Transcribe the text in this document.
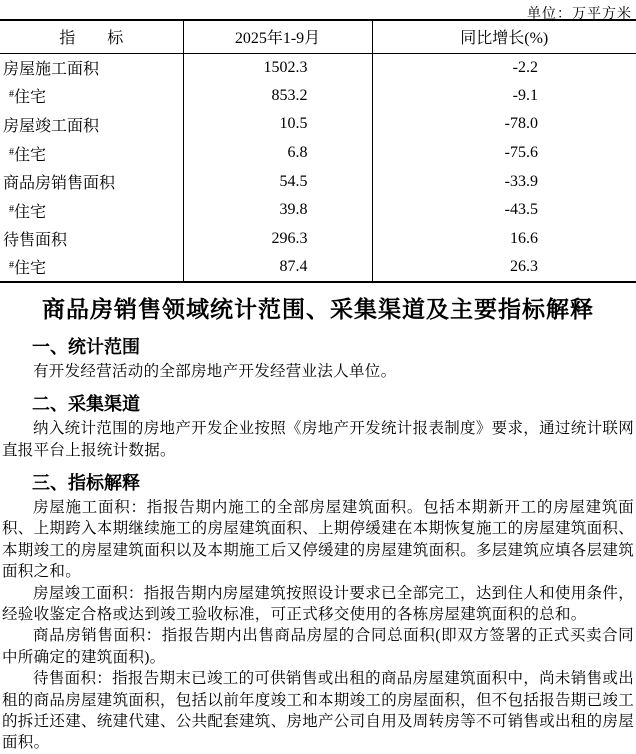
单位：万平方米
指　　标	2025年1-9月	同比增长(%)
房屋施工面积	1502.3	-2.2
#住宅	853.2	-9.1
房屋竣工面积	10.5	-78.0
#住宅	6.8	-75.6
商品房销售面积	54.5	-33.9
#住宅	39.8	-43.5
待售面积	296.3	16.6
#住宅	87.4	26.3
商品房销售领域统计范围、采集渠道及主要指标解释
一、统计范围

有开发经营活动的全部房地产开发经营业法人单位。

二、采集渠道

纳入统计范围的房地产开发企业按照《房地产开发统计报表制度》要求，通过统计联网直报平台上报统计数据。

三、指标解释

房屋施工面积：指报告期内施工的全部房屋建筑面积。包括本期新开工的房屋建筑面积、上期跨入本期继续施工的房屋建筑面积、上期停缓建在本期恢复施工的房屋建筑面积、本期竣工的房屋建筑面积以及本期施工后又停缓建的房屋建筑面积。多层建筑应填各层建筑面积之和。

房屋竣工面积：指报告期内房屋建筑按照设计要求已全部完工，达到住人和使用条件，经验收鉴定合格或达到竣工验收标准，可正式移交使用的各栋房屋建筑面积的总和。

商品房销售面积：指报告期内出售商品房屋的合同总面积(即双方签署的正式买卖合同中所确定的建筑面积)。

待售面积：指报告期末已竣工的可供销售或出租的商品房屋建筑面积中，尚未销售或出租的商品房屋建筑面积，包括以前年度竣工和本期竣工的房屋面积，但不包括报告期已竣工的拆迁还建、统建代建、公共配套建筑、房地产公司自用及周转房等不可销售或出租的房屋面积。
